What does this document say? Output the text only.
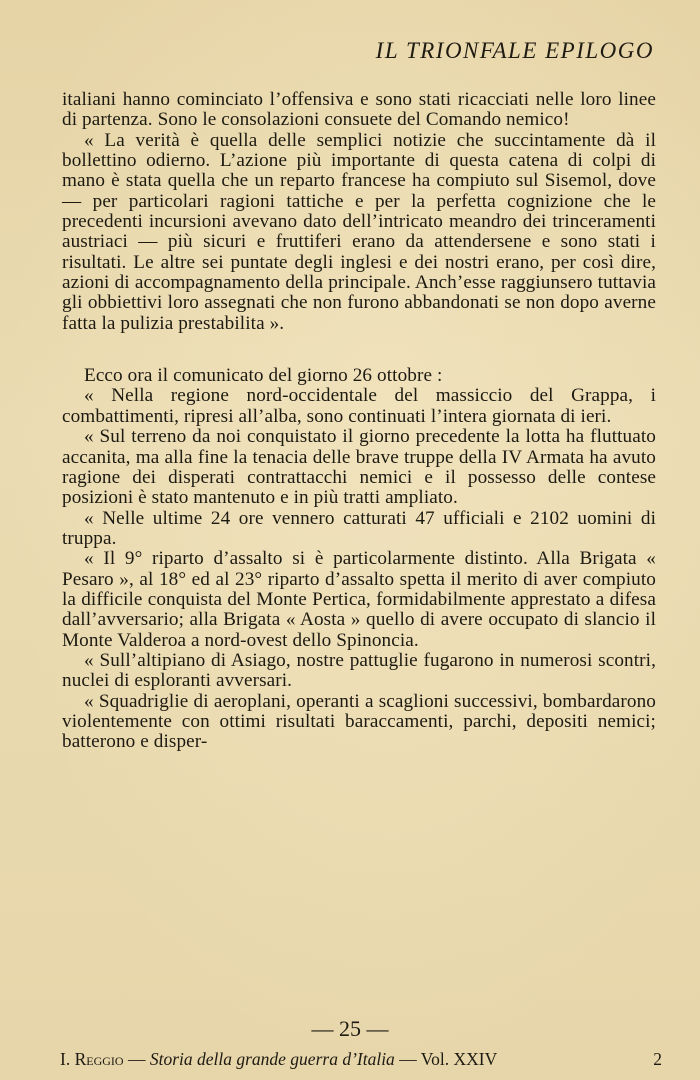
IL TRIONFALE EPILOGO

italiani hanno cominciato l’offensiva e sono stati ricacciati nelle loro linee di partenza. Sono le consolazioni consuete del Comando nemico!

« La verità è quella delle semplici notizie che succintamente dà il bollettino odierno. L’azione più importante di questa catena di colpi di mano è stata quella che un reparto francese ha compiuto sul Sisemol, dove — per particolari ragioni tattiche e per la perfetta cognizione che le precedenti incursioni avevano dato dell’intricato meandro dei trinceramenti austriaci — più sicuri e fruttiferi erano da attendersene e sono stati i risultati. Le altre sei puntate degli inglesi e dei nostri erano, per così dire, azioni di accompagnamento della principale. Anch’esse raggiunsero tuttavia gli obbiettivi loro assegnati che non furono abbandonati se non dopo averne fatta la pulizia prestabilita ».

Ecco ora il comunicato del giorno 26 ottobre :

« Nella regione nord-occidentale del massiccio del Grappa, i combattimenti, ripresi all’alba, sono continuati l’intera giornata di ieri.

« Sul terreno da noi conquistato il giorno precedente la lotta ha fluttuato accanita, ma alla fine la tenacia delle brave truppe della IV Armata ha avuto ragione dei disperati contrattacchi nemici e il possesso delle contese posizioni è stato mantenuto e in più tratti ampliato.

« Nelle ultime 24 ore vennero catturati 47 ufficiali e 2102 uomini di truppa.

« Il 9° riparto d’assalto si è particolarmente distinto. Alla Brigata « Pesaro », al 18° ed al 23° riparto d’assalto spetta il merito di aver compiuto la difficile conquista del Monte Pertica, formidabilmente apprestato a difesa dall’avversario; alla Brigata « Aosta » quello di avere occupato di slancio il Monte Valderoa a nord-ovest dello Spinoncia.

« Sull’altipiano di Asiago, nostre pattuglie fugarono in numerosi scontri, nuclei di esploranti avversari.

« Squadriglie di aeroplani, operanti a scaglioni successivi, bombardarono violentemente con ottimi risultati baraccamenti, parchi, depositi nemici; batterono e disper-

— 25 —
I. Reggio — Storia della grande guerra d’Italia — Vol. XXIV	2
